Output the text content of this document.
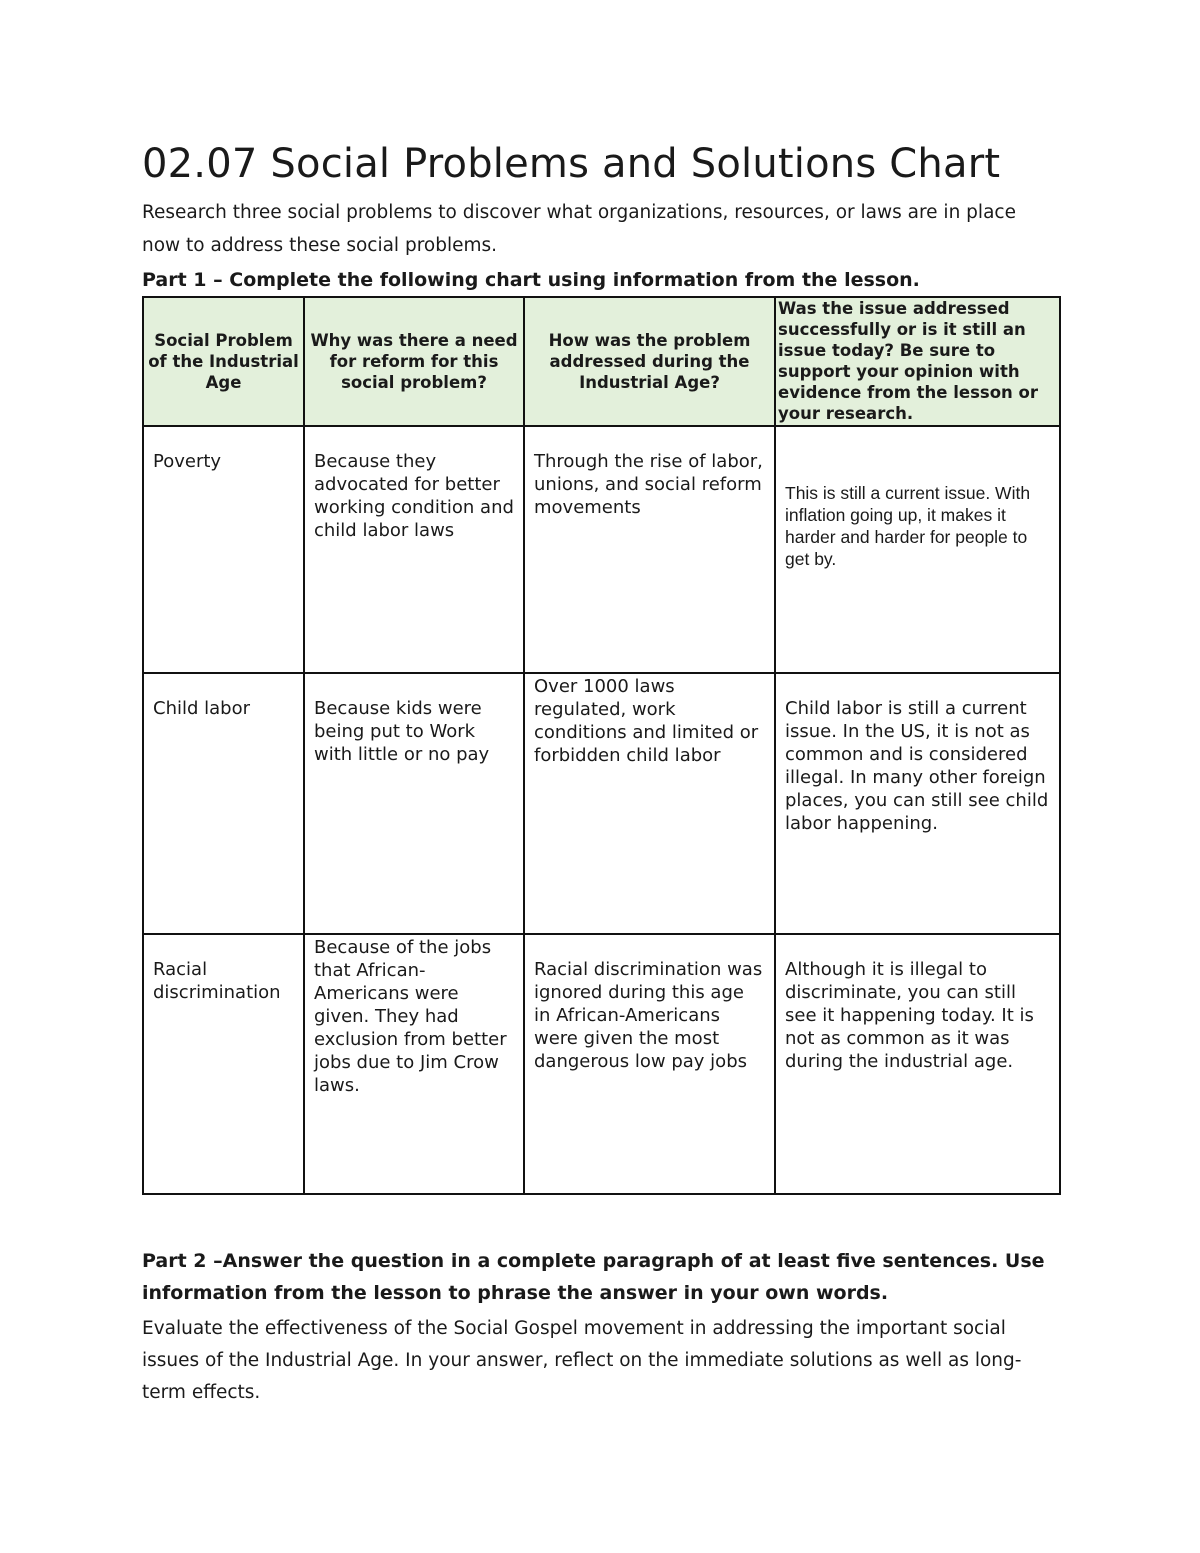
02.07 Social Problems and Solutions Chart

Research three social problems to discover what organizations, resources, or laws are in place now to address these social problems.

Part 1 – Complete the following chart using information from the lesson.

Social Problem of the Industrial Age	Why was there a need for reform for this social problem?	How was the problem addressed during the Industrial Age?	Was the issue addressed successfully or is it still an issue today? Be sure to support your opinion with evidence from the lesson or your research.
Poverty	Because they advocated for better working condition and child labor laws	Through the rise of labor, unions, and social reform movements	This is still a current issue. With inflation going up, it makes it harder and harder for people to get by.
Child labor	Because kids were being put to Work with little or no pay	Over 1000 laws regulated, work conditions and limited or forbidden child labor	Child labor is still a current issue. In the US, it is not as common and is considered illegal. In many other foreign places, you can still see child labor happening.
Racial discrimination	Because of the jobs that African-Americans were given. They had exclusion from better jobs due to Jim Crow laws.	Racial discrimination was ignored during this age in African-Americans were given the most dangerous low pay jobs	Although it is illegal to discriminate, you can still see it happening today. It is not as common as it was during the industrial age.

Part 2 –Answer the question in a complete paragraph of at least five sentences. Use information from the lesson to phrase the answer in your own words.

Evaluate the effectiveness of the Social Gospel movement in addressing the important social issues of the Industrial Age. In your answer, reflect on the immediate solutions as well as long-term effects.
